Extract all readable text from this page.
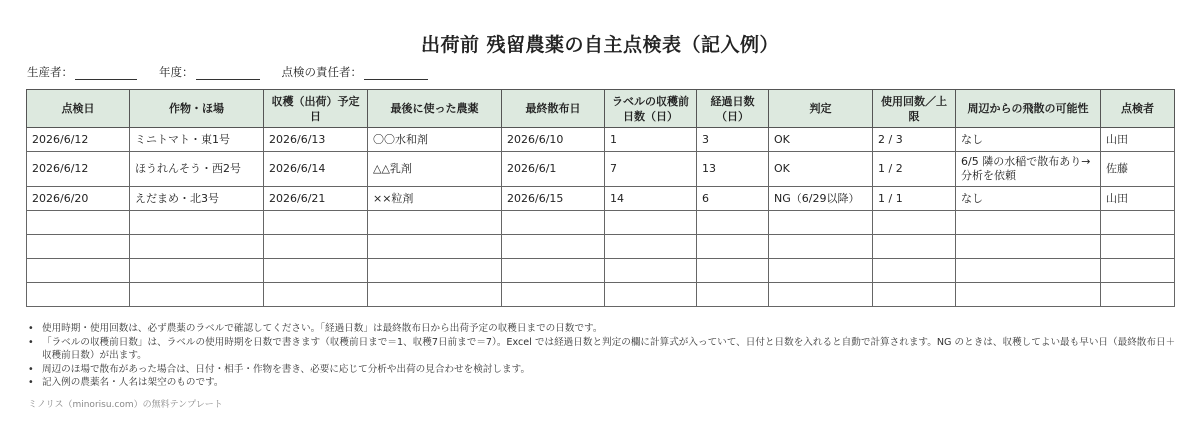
出荷前 残留農薬の自主点検表（記入例）
生産者：	年度：	点検の責任者：
点検日	作物・ほ場	収穫（出荷）予定日	最後に使った農薬	最終散布日	ラベルの収穫前日数（日）	経過日数（日）	判定	使用回数／上限	周辺からの飛散の可能性	点検者
2026/6/12	ミニトマト・東1号	2026/6/13	〇〇水和剤	2026/6/10	1	3	OK	2 / 3	なし	山田
2026/6/12	ほうれんそう・西2号	2026/6/14	△△乳剤	2026/6/1	7	13	OK	1 / 2	6/5 隣の水稲で散布あり→分析を依頼	佐藤
2026/6/20	えだまめ・北3号	2026/6/21	××粒剤	2026/6/15	14	6	NG（6/29以降）	1 / 1	なし	山田

• 使用時期・使用回数は、必ず農薬のラベルで確認してください。「経過日数」は最終散布日から出荷予定の収穫日までの日数です。
• 「ラベルの収穫前日数」は、ラベルの使用時期を日数で書きます（収穫前日まで＝1、収穫7日前まで＝7）。Excel では経過日数と判定の欄に計算式が入っていて、日付と日数を入れると自動で計算されます。NG のときは、収穫してよい最も早い日（最終散布日＋収穫前日数）が出ます。
• 周辺のほ場で散布があった場合は、日付・相手・作物を書き、必要に応じて分析や出荷の見合わせを検討します。
• 記入例の農薬名・人名は架空のものです。
ミノリス（minorisu.com）の無料テンプレート
